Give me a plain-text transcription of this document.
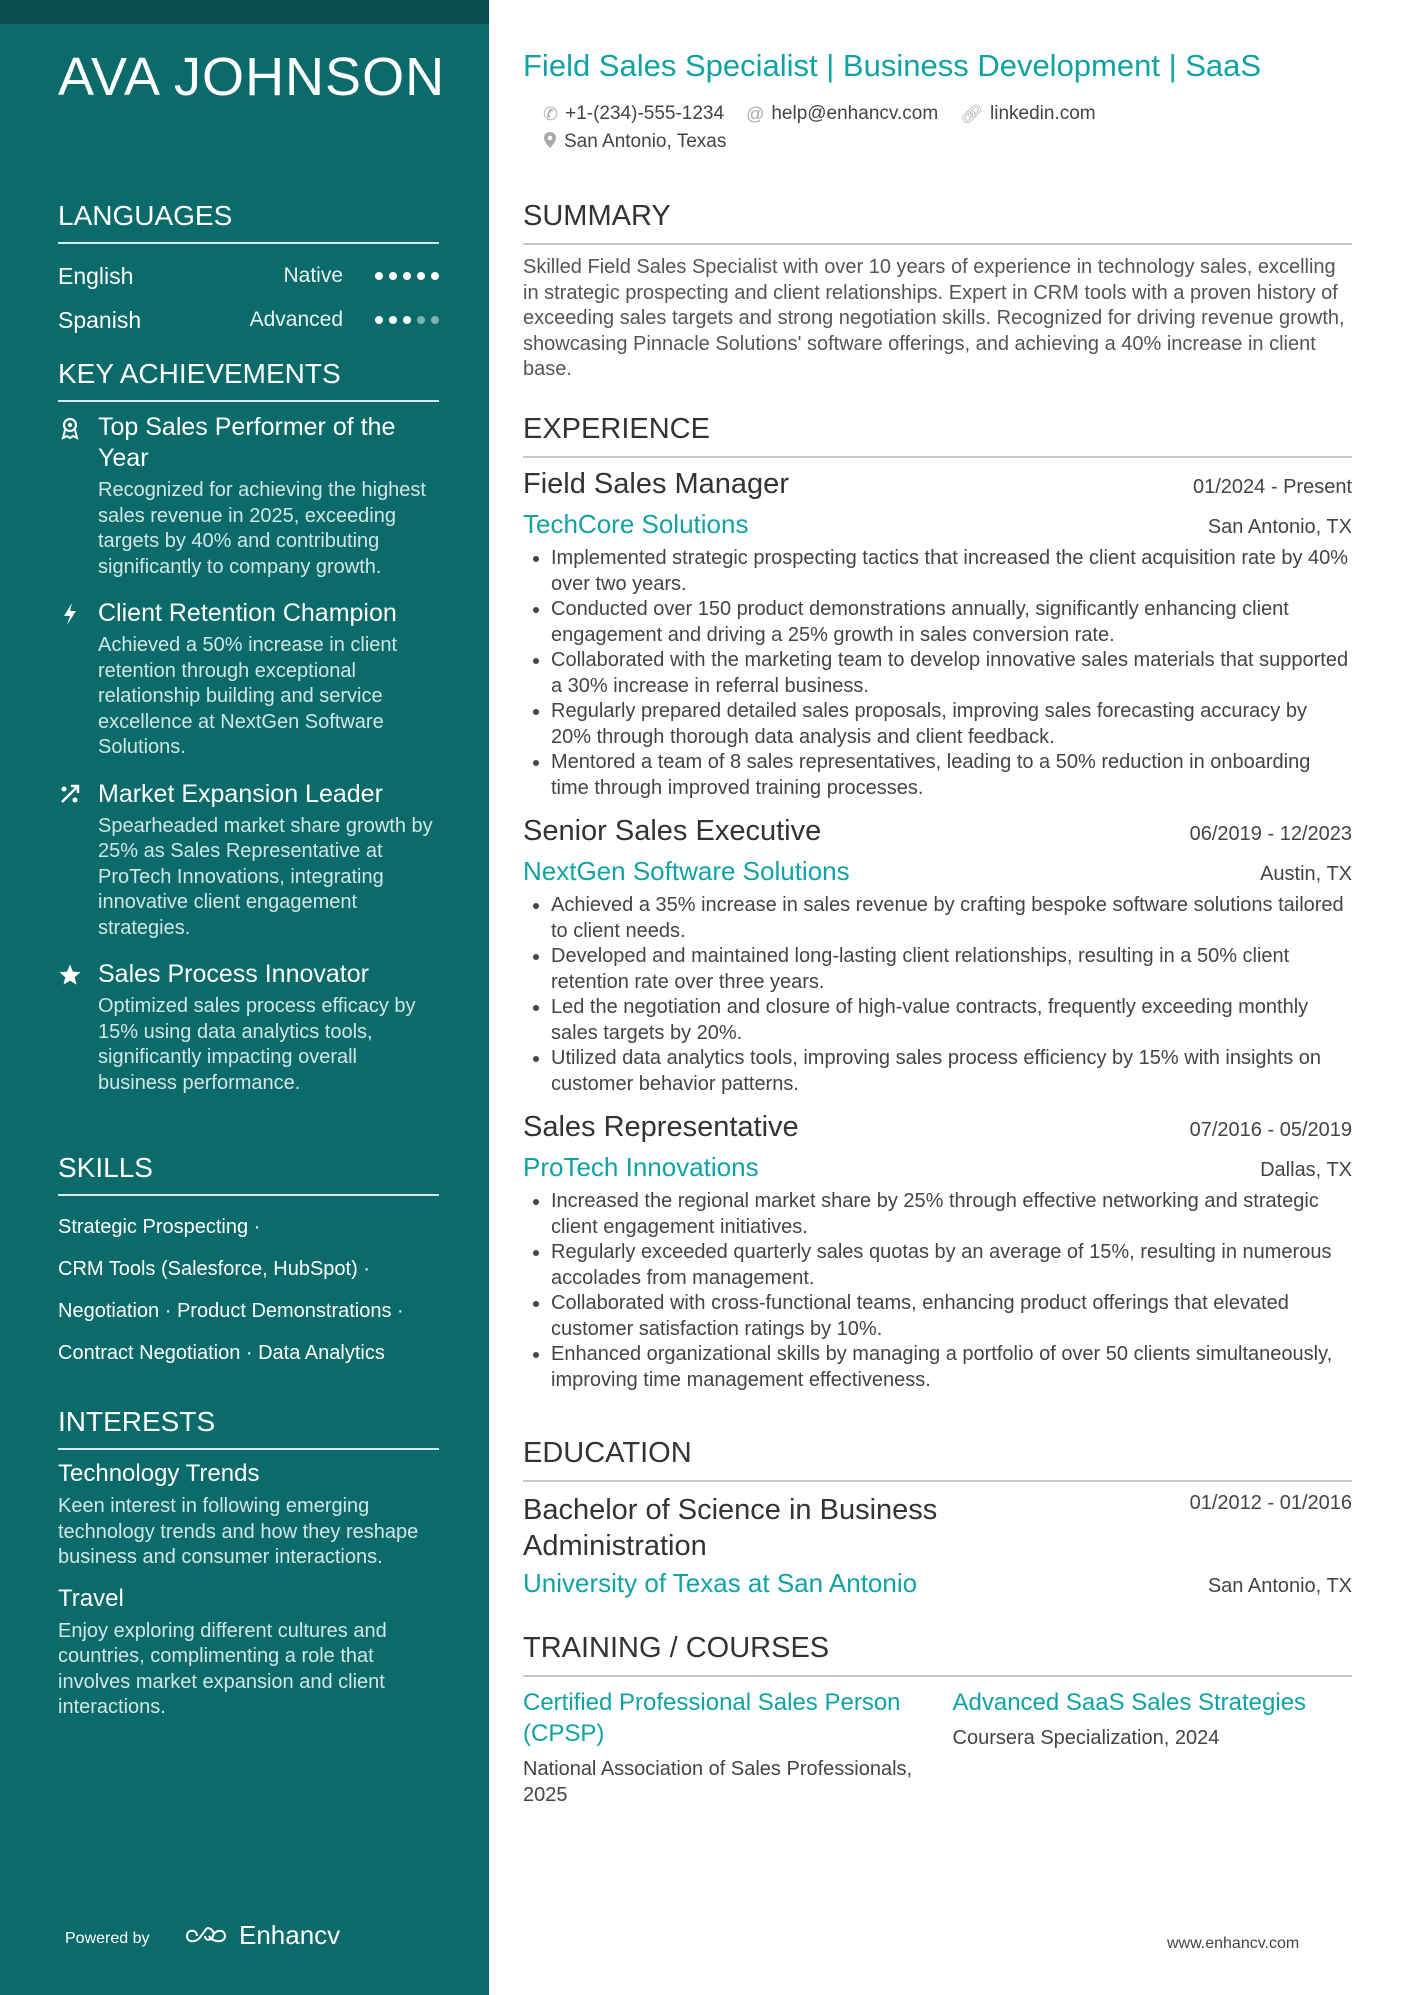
AVA JOHNSON
LANGUAGES
English	Native
Spanish	Advanced
KEY ACHIEVEMENTS
Top Sales Performer of the Year
Recognized for achieving the highest sales revenue in 2025, exceeding targets by 40% and contributing significantly to company growth.
Client Retention Champion
Achieved a 50% increase in client retention through exceptional relationship building and service excellence at NextGen Software Solutions.
Market Expansion Leader
Spearheaded market share growth by 25% as Sales Representative at ProTech Innovations, integrating innovative client engagement strategies.
Sales Process Innovator
Optimized sales process efficacy by 15% using data analytics tools, significantly impacting overall business performance.
SKILLS
Strategic Prospecting ·
CRM Tools (Salesforce, HubSpot) ·
Negotiation · Product Demonstrations ·
Contract Negotiation · Data Analytics
INTERESTS
Technology Trends
Keen interest in following emerging technology trends and how they reshape business and consumer interactions.
Travel
Enjoy exploring different cultures and countries, complimenting a role that involves market expansion and client interactions.
Powered by	Enhancv
Field Sales Specialist | Business Development | SaaS
✆ +1-(234)-555-1234 @ help@enhancv.com 🔗︎ linkedin.com
San Antonio, Texas
SUMMARY
Skilled Field Sales Specialist with over 10 years of experience in technology sales, excelling in strategic prospecting and client relationships. Expert in CRM tools with a proven history of exceeding sales targets and strong negotiation skills. Recognized for driving revenue growth, showcasing Pinnacle Solutions' software offerings, and achieving a 40% increase in client base.
EXPERIENCE
Field Sales Manager	01/2024 - Present
TechCore Solutions	San Antonio, TX
• Implemented strategic prospecting tactics that increased the client acquisition rate by 40% over two years.
• Conducted over 150 product demonstrations annually, significantly enhancing client engagement and driving a 25% growth in sales conversion rate.
• Collaborated with the marketing team to develop innovative sales materials that supported a 30% increase in referral business.
• Regularly prepared detailed sales proposals, improving sales forecasting accuracy by 20% through thorough data analysis and client feedback.
• Mentored a team of 8 sales representatives, leading to a 50% reduction in onboarding time through improved training processes.
Senior Sales Executive	06/2019 - 12/2023
NextGen Software Solutions	Austin, TX
• Achieved a 35% increase in sales revenue by crafting bespoke software solutions tailored to client needs.
• Developed and maintained long-lasting client relationships, resulting in a 50% client retention rate over three years.
• Led the negotiation and closure of high-value contracts, frequently exceeding monthly sales targets by 20%.
• Utilized data analytics tools, improving sales process efficiency by 15% with insights on customer behavior patterns.
Sales Representative	07/2016 - 05/2019
ProTech Innovations	Dallas, TX
• Increased the regional market share by 25% through effective networking and strategic client engagement initiatives.
• Regularly exceeded quarterly sales quotas by an average of 15%, resulting in numerous accolades from management.
• Collaborated with cross-functional teams, enhancing product offerings that elevated customer satisfaction ratings by 10%.
• Enhanced organizational skills by managing a portfolio of over 50 clients simultaneously, improving time management effectiveness.
EDUCATION
Bachelor of Science in Business Administration
01/2012 - 01/2016
University of Texas at San Antonio	San Antonio, TX
TRAINING / COURSES
Certified Professional Sales Person (CPSP)
National Association of Sales Professionals, 2025
Advanced SaaS Sales Strategies
Coursera Specialization, 2024
www.enhancv.com
